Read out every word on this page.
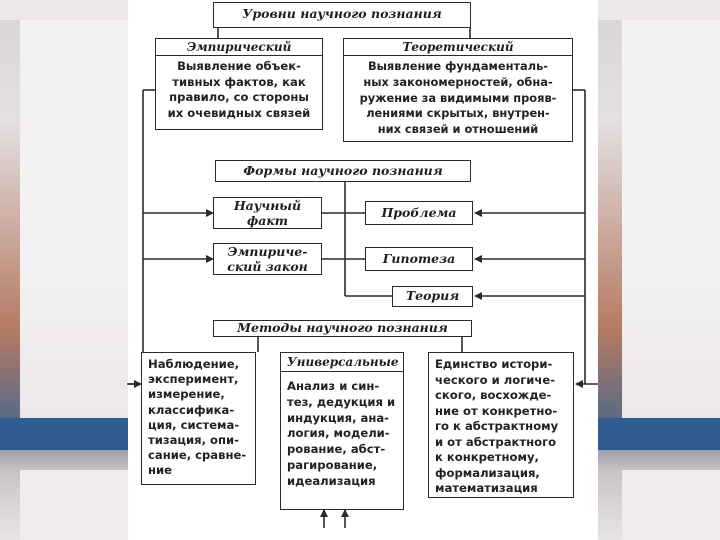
Уровни научного познания
Эмпирический
Выявление объек-
тивных фактов, как
правило, со стороны
их очевидных связей
Теоретический
Выявление фундаменталь-
ных закономерностей, обна-
ружение за видимыми прояв-
лениями скрытых, внутрен-
них связей и отношений
Формы научного познания
Научный
факт
Эмпириче-
ский закон
Проблема
Гипотеза
Теория
Методы научного познания
Наблюдение,
эксперимент,
измерение,
классифика-
ция, система-
тизация, опи-
сание, сравне-
ние
Универсальные
Анализ и син-
тез, дедукция и
индукция, ана-
логия, модели-
рование, абст-
рагирование,
идеализация
Единство истори-
ческого и логиче-
ского, восхожде-
ние от конкретно-
го к абстрактному
и от абстрактного
к конкретному,
формализация,
математизация
